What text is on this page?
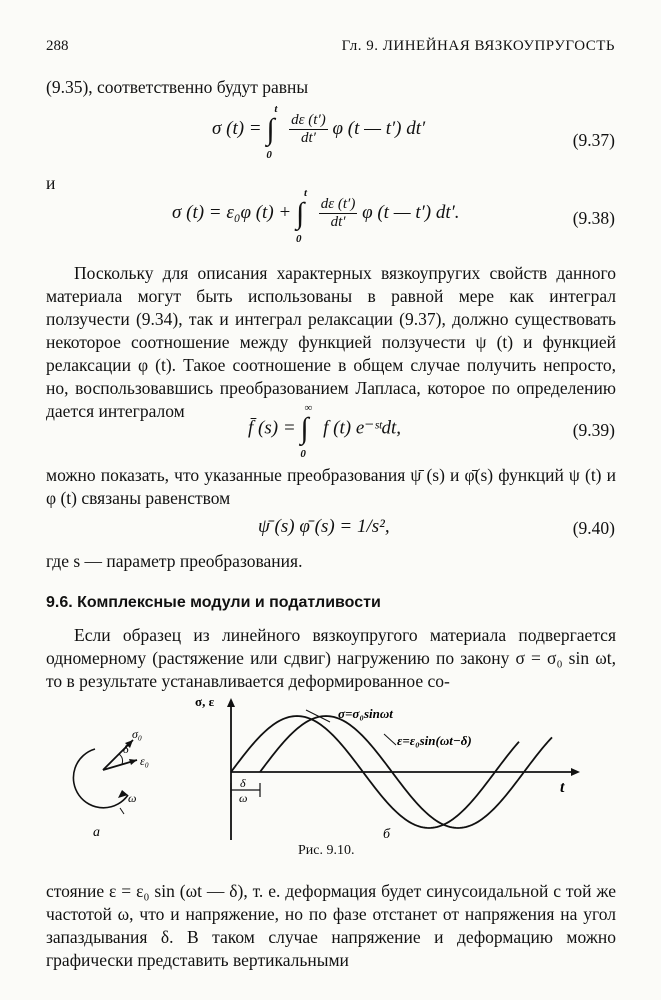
288	Гл. 9. ЛИНЕЙНАЯ ВЯЗКОУПРУГОСТЬ
(9.35), соответственно будут равны
σ (t) =
t
∫
0

$\frac{d\varepsilon (t')}{dt'}$ φ (t — t′) dt′
(9.37)
и
σ (t) = ε₀φ (t) +
t
∫
0

$\frac{d\varepsilon (t')}{dt'}$ φ (t — t′) dt′.	(9.38)
Поскольку для описания характерных вязкоупругих свойств данного материала могут быть использованы в равной мере как интеграл ползучести (9.34), так и интеграл релаксации (9.37), должно существовать некоторое соотношение между функцией ползучести ψ (t) и функцией релаксации φ (t). Такое соотношение в общем случае получить непросто, но, воспользовавшись преобразованием Лапласа, которое по определению дается интегралом
f̄ (s) =
∞
∫
0
f (t) e⁻ˢᵗdt,	(9.39)
можно показать, что указанные преобразования ψ̄ (s) и φ̄(s) функций ψ (t) и φ (t) связаны равенством
ψ̄ (s) φ̄ (s) = 1/s²,	(9.40)
где s — параметр преобразования.
9.6. Комплексные модули и податливости
Если образец из линейного вязкоупругого материала подвергается одномерному (растяжение или сдвиг) нагружению по закону σ = σ₀ sin ωt, то в результате устанавливается деформированное со-
σ₀
δ
ε₀
ω
а
σ, ε
t
σ=σ₀sinωt
ε=ε₀sin(ωt−δ)
δ
ω
б
Рис. 9.10.
стояние ε = ε₀ sin (ωt — δ), т. е. деформация будет синусоидальной с той же частотой ω, что и напряжение, но по фазе отстанет от напряжения на угол запаздывания δ. В таком случае напряжение и деформацию можно графически представить вертикальными
